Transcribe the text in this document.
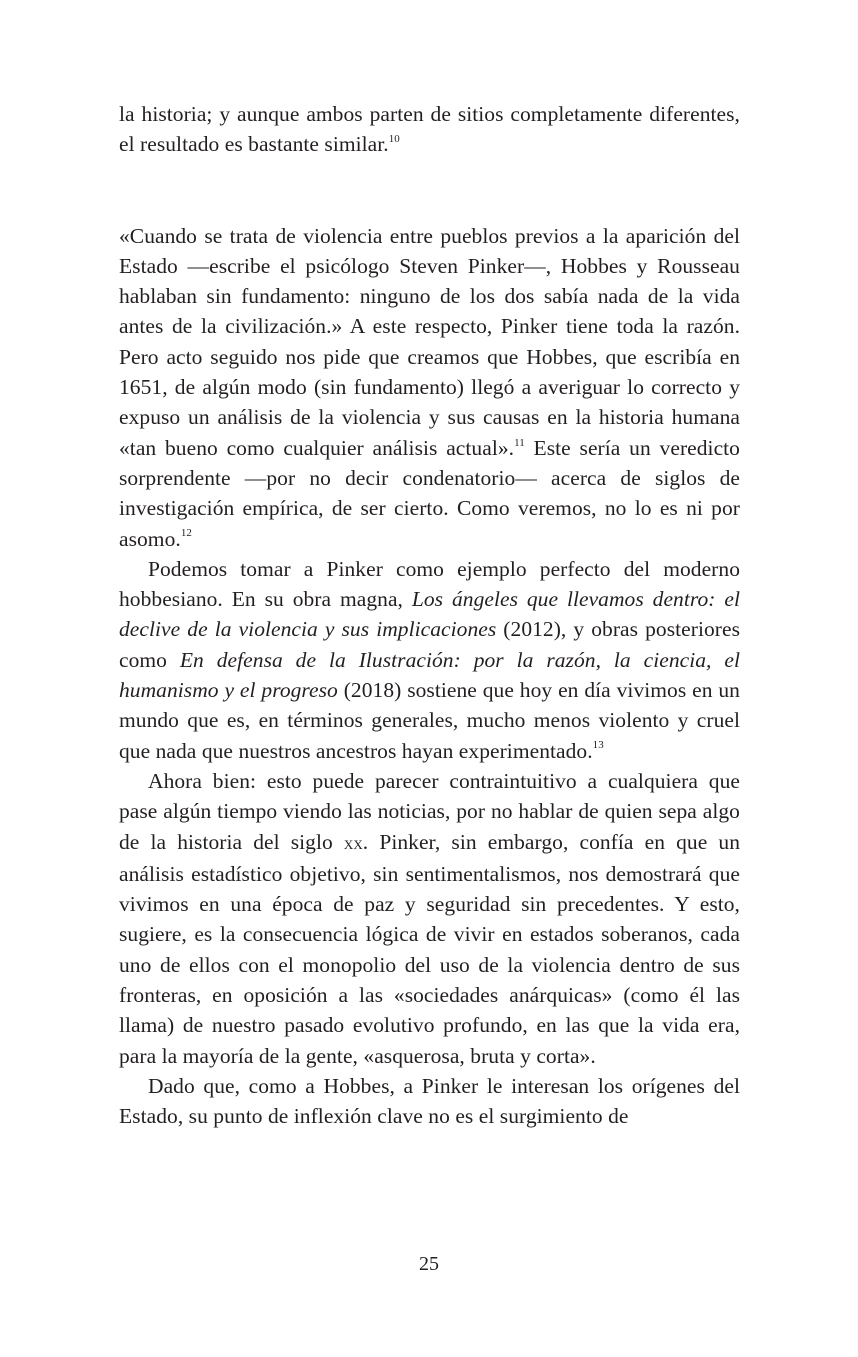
la historia; y aunque ambos parten de sitios completamente diferentes, el resultado es bastante similar.$^{10}$

«Cuando se trata de violencia entre pueblos previos a la aparición del Estado —escribe el psicólogo Steven Pinker—, Hobbes y Rousseau hablaban sin fundamento: ninguno de los dos sabía nada de la vida antes de la civilización.» A este respecto, Pinker tiene toda la razón. Pero acto seguido nos pide que creamos que Hobbes, que escribía en 1651, de algún modo (sin fundamento) llegó a averiguar lo correcto y expuso un análisis de la violencia y sus causas en la historia humana «tan bueno como cualquier análisis actual».$^{11}$ Este sería un veredicto sorprendente —por no decir condenatorio— acerca de siglos de investigación empírica, de ser cierto. Como veremos, no lo es ni por asomo.$^{12}$

Podemos tomar a Pinker como ejemplo perfecto del moderno hobbesiano. En su obra magna, Los ángeles que llevamos dentro: el declive de la violencia y sus implicaciones (2012), y obras posteriores como En defensa de la Ilustración: por la razón, la ciencia, el humanismo y el progreso (2018) sostiene que hoy en día vivimos en un mundo que es, en términos generales, mucho menos violento y cruel que nada que nuestros ancestros hayan experimentado.$^{13}$

Ahora bien: esto puede parecer contraintuitivo a cualquiera que pase algún tiempo viendo las noticias, por no hablar de quien sepa algo de la historia del siglo xx. Pinker, sin embargo, confía en que un análisis estadístico objetivo, sin sentimentalismos, nos demostrará que vivimos en una época de paz y seguridad sin precedentes. Y esto, sugiere, es la consecuencia lógica de vivir en estados soberanos, cada uno de ellos con el monopolio del uso de la violencia dentro de sus fronteras, en oposición a las «sociedades anárquicas» (como él las llama) de nuestro pasado evolutivo profundo, en las que la vida era, para la mayoría de la gente, «asquerosa, bruta y corta».

Dado que, como a Hobbes, a Pinker le interesan los orígenes del Estado, su punto de inflexión clave no es el surgimiento de

25
